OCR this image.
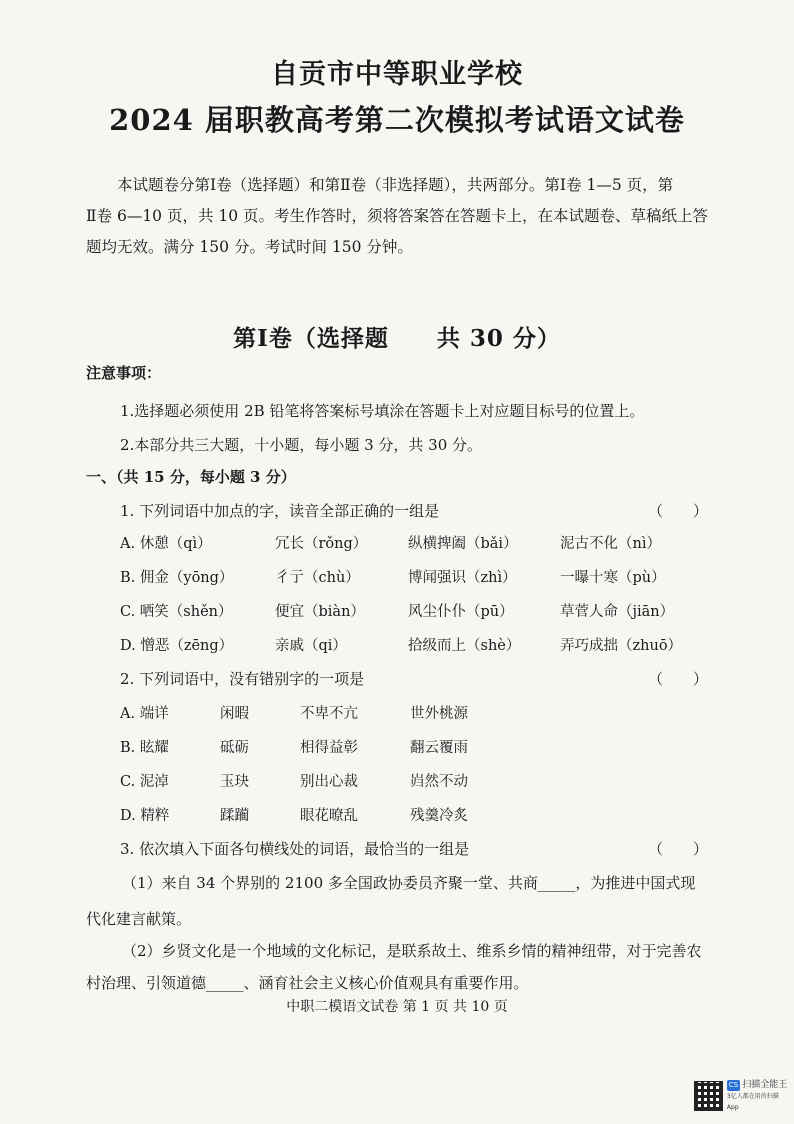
自贡市中等职业学校
2024 届职教高考第二次模拟考试语文试卷
本试题卷分第Ⅰ卷（选择题）和第Ⅱ卷（非选择题），共两部分。第Ⅰ卷 1—5 页，第
Ⅱ卷 6—10 页，共 10 页。考生作答时，须将答案答在答题卡上，在本试题卷、草稿纸上答
题均无效。满分 150 分。考试时间 150 分钟。
第Ⅰ卷（选择题　　共 30 分）
注意事项：
1.选择题必须使用 2B 铅笔将答案标号填涂在答题卡上对应题目标号的位置上。
2.本部分共三大题，十小题，每小题 3 分，共 30 分。
一、（共 15 分，每小题 3 分）
1. 下列词语中加点的字，读音全部正确的一组是	（　　）
A. 休憩（qì）	冗长（rǒng）	纵横捭阖（bǎi）	泥古不化（nì）
B. 佣金（yōng）	彳亍（chù）	博闻强识（zhì）	一曝十寒（pù）
C. 哂笑（shěn）	便宜（biàn）	风尘仆仆（pū）	草菅人命（jiān）
D. 憎恶（zēng）	亲戚（qi）	拾级而上（shè）	弄巧成拙（zhuō）
2. 下列词语中，没有错别字的一项是	（　　）
A. 端详	闲暇	不卑不亢	世外桃源
B. 眩耀	砥砺	相得益彰	翻云覆雨
C. 泥淖	玉玦	别出心裁	岿然不动
D. 精粹	蹂躏	眼花暸乱	残羹冷炙
3. 依次填入下面各句横线处的词语，最恰当的一组是	（　　）
（1）来自 34 个界别的 2100 多全国政协委员齐聚一堂、共商_____，为推进中国式现
代化建言献策。
（2）乡贤文化是一个地域的文化标记，是联系故土、维系乡情的精神纽带，对于完善农
村治理、引领道德_____、涵育社会主义核心价值观具有重要作用。
中职二模语文试卷 第 1 页 共 10 页
CS 扫描全能王
3亿人都在用的扫描App
